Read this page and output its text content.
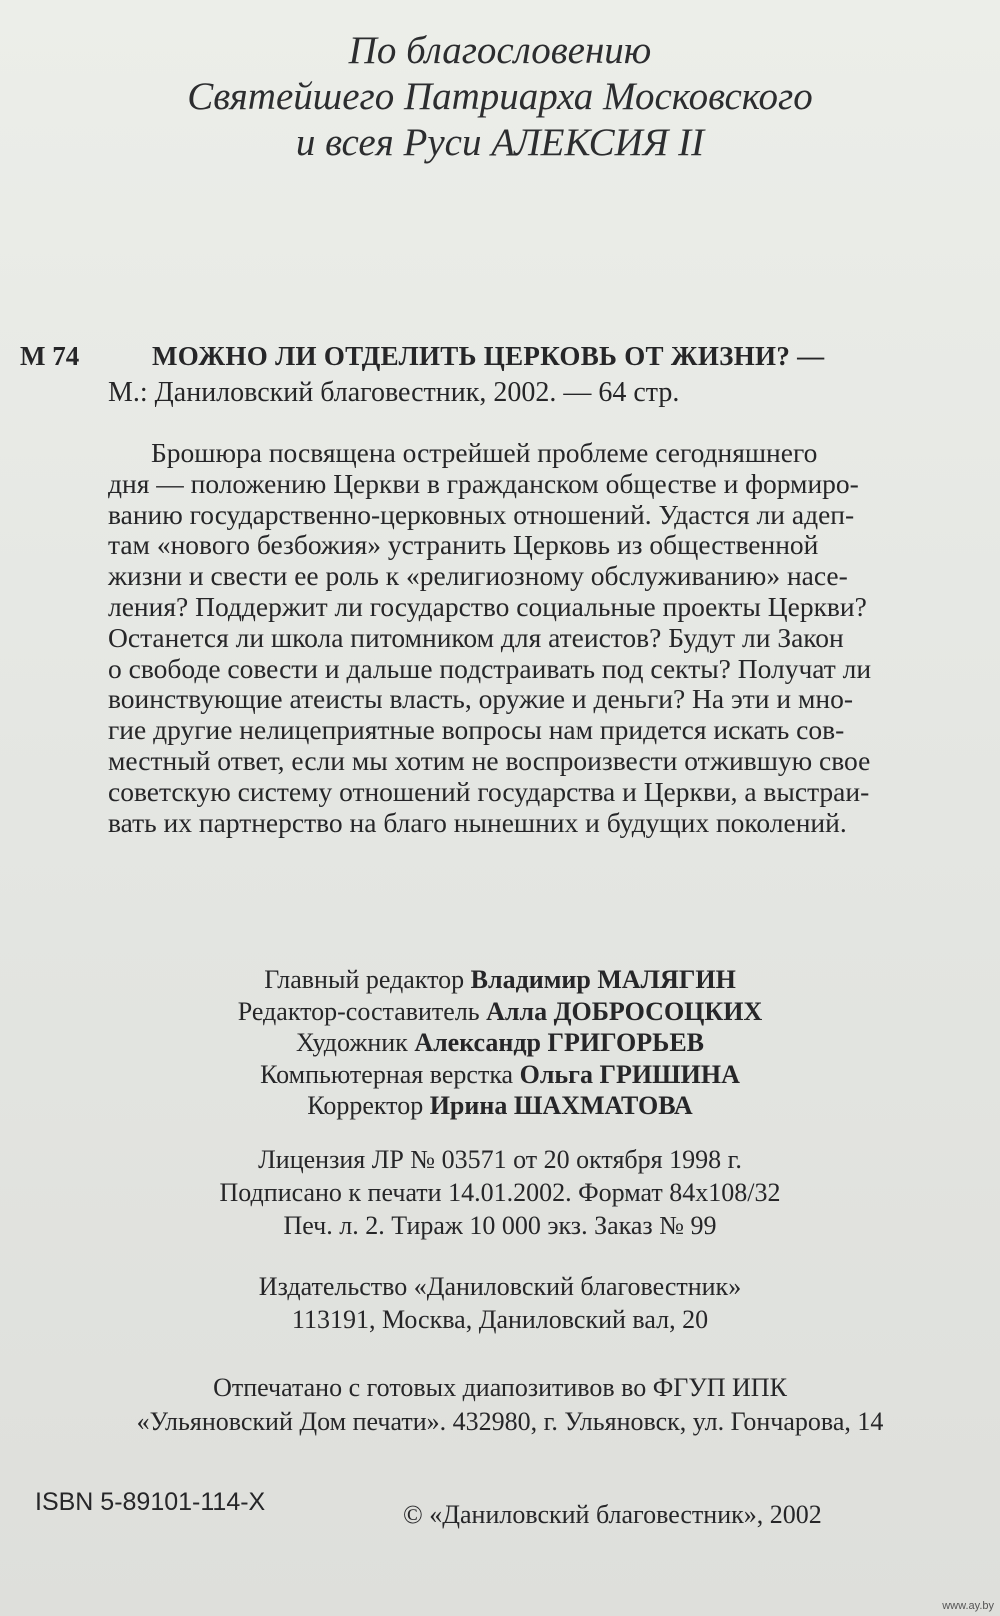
По благословению
Святейшего Патриарха Московского
и всея Руси АЛЕКСИЯ II
М 74	МОЖНО ЛИ ОТДЕЛИТЬ ЦЕРКОВЬ ОТ ЖИЗНИ? —
М.: Даниловский благовестник, 2002. — 64 стр.
Брошюра посвящена острейшей проблеме сегодняшнего
дня — положению Церкви в гражданском обществе и формиро-
ванию государственно-церковных отношений. Удастся ли адеп-
там «нового безбожия» устранить Церковь из общественной
жизни и свести ее роль к «религиозному обслуживанию» насе-
ления? Поддержит ли государство социальные проекты Церкви?
Останется ли школа питомником для атеистов? Будут ли Закон
о свободе совести и дальше подстраивать под секты? Получат ли
воинствующие атеисты власть, оружие и деньги? На эти и мно-
гие другие нелицеприятные вопросы нам придется искать сов-
местный ответ, если мы хотим не воспроизвести отжившую свое
советскую систему отношений государства и Церкви, а выстраи-
вать их партнерство на благо нынешних и будущих поколений.
Главный редактор Владимир МАЛЯГИН
Редактор-составитель Алла ДОБРОСОЦКИХ
Художник Александр ГРИГОРЬЕВ
Компьютерная верстка Ольга ГРИШИНА
Корректор Ирина ШАХМАТОВА
Лицензия ЛР № 03571 от 20 октября 1998 г.
Подписано к печати 14.01.2002. Формат 84x108/32
Печ. л. 2. Тираж 10 000 экз. Заказ № 99
Издательство «Даниловский благовестник»
113191, Москва, Даниловский вал, 20
Отпечатано с готовых диапозитивов во ФГУП ИПК
«Ульяновский Дом печати». 432980, г. Ульяновск, ул. Гончарова, 14
ISBN 5-89101-114-X	© «Даниловский благовестник», 2002
www.ay.by
